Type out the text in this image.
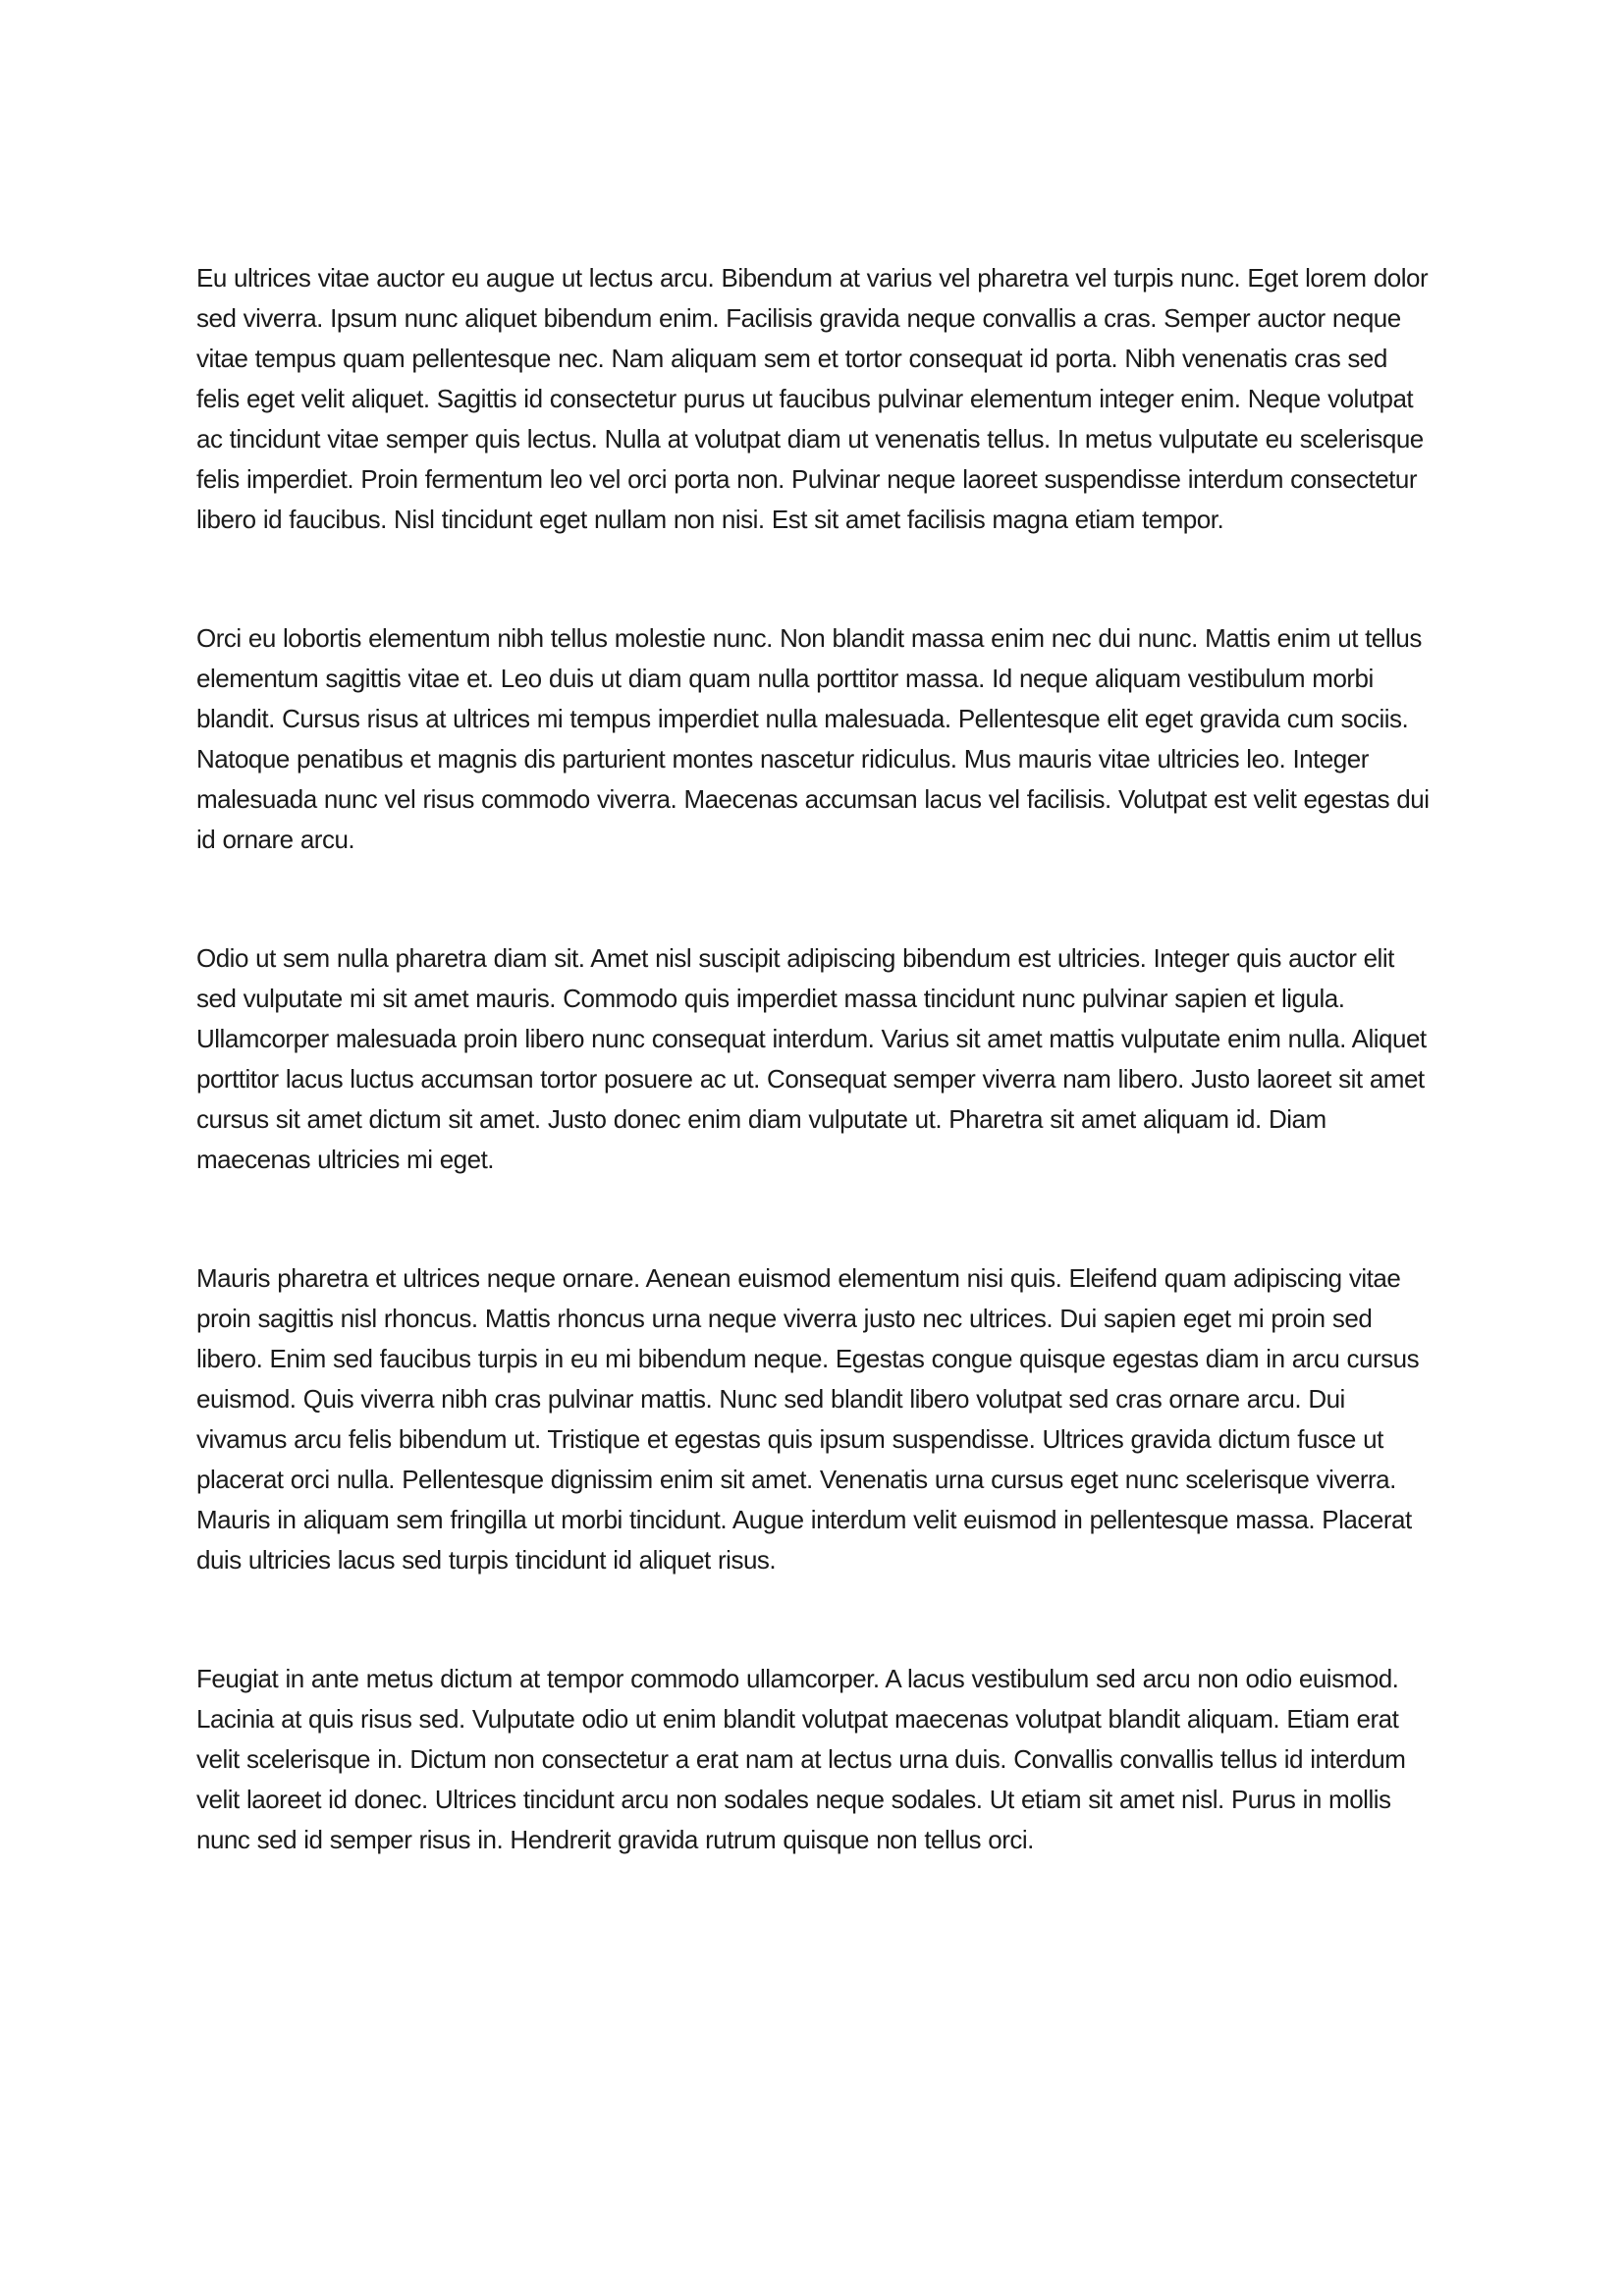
Eu ultrices vitae auctor eu augue ut lectus arcu. Bibendum at varius vel pharetra vel turpis nunc. Eget lorem dolor sed viverra. Ipsum nunc aliquet bibendum enim. Facilisis gravida neque convallis a cras. Semper auctor neque vitae tempus quam pellentesque nec. Nam aliquam sem et tortor consequat id porta. Nibh venenatis cras sed felis eget velit aliquet. Sagittis id consectetur purus ut faucibus pulvinar elementum integer enim. Neque volutpat ac tincidunt vitae semper quis lectus. Nulla at volutpat diam ut venenatis tellus. In metus vulputate eu scelerisque felis imperdiet. Proin fermentum leo vel orci porta non. Pulvinar neque laoreet suspendisse interdum consectetur libero id faucibus. Nisl tincidunt eget nullam non nisi. Est sit amet facilisis magna etiam tempor.

Orci eu lobortis elementum nibh tellus molestie nunc. Non blandit massa enim nec dui nunc. Mattis enim ut tellus elementum sagittis vitae et. Leo duis ut diam quam nulla porttitor massa. Id neque aliquam vestibulum morbi blandit. Cursus risus at ultrices mi tempus imperdiet nulla malesuada. Pellentesque elit eget gravida cum sociis. Natoque penatibus et magnis dis parturient montes nascetur ridiculus. Mus mauris vitae ultricies leo. Integer malesuada nunc vel risus commodo viverra. Maecenas accumsan lacus vel facilisis. Volutpat est velit egestas dui id ornare arcu.

Odio ut sem nulla pharetra diam sit. Amet nisl suscipit adipiscing bibendum est ultricies. Integer quis auctor elit sed vulputate mi sit amet mauris. Commodo quis imperdiet massa tincidunt nunc pulvinar sapien et ligula. Ullamcorper malesuada proin libero nunc consequat interdum. Varius sit amet mattis vulputate enim nulla. Aliquet porttitor lacus luctus accumsan tortor posuere ac ut. Consequat semper viverra nam libero. Justo laoreet sit amet cursus sit amet dictum sit amet. Justo donec enim diam vulputate ut. Pharetra sit amet aliquam id. Diam maecenas ultricies mi eget.

Mauris pharetra et ultrices neque ornare. Aenean euismod elementum nisi quis. Eleifend quam adipiscing vitae proin sagittis nisl rhoncus. Mattis rhoncus urna neque viverra justo nec ultrices. Dui sapien eget mi proin sed libero. Enim sed faucibus turpis in eu mi bibendum neque. Egestas congue quisque egestas diam in arcu cursus euismod. Quis viverra nibh cras pulvinar mattis. Nunc sed blandit libero volutpat sed cras ornare arcu. Dui vivamus arcu felis bibendum ut. Tristique et egestas quis ipsum suspendisse. Ultrices gravida dictum fusce ut placerat orci nulla. Pellentesque dignissim enim sit amet. Venenatis urna cursus eget nunc scelerisque viverra. Mauris in aliquam sem fringilla ut morbi tincidunt. Augue interdum velit euismod in pellentesque massa. Placerat duis ultricies lacus sed turpis tincidunt id aliquet risus.

Feugiat in ante metus dictum at tempor commodo ullamcorper. A lacus vestibulum sed arcu non odio euismod. Lacinia at quis risus sed. Vulputate odio ut enim blandit volutpat maecenas volutpat blandit aliquam. Etiam erat velit scelerisque in. Dictum non consectetur a erat nam at lectus urna duis. Convallis convallis tellus id interdum velit laoreet id donec. Ultrices tincidunt arcu non sodales neque sodales. Ut etiam sit amet nisl. Purus in mollis nunc sed id semper risus in. Hendrerit gravida rutrum quisque non tellus orci.
